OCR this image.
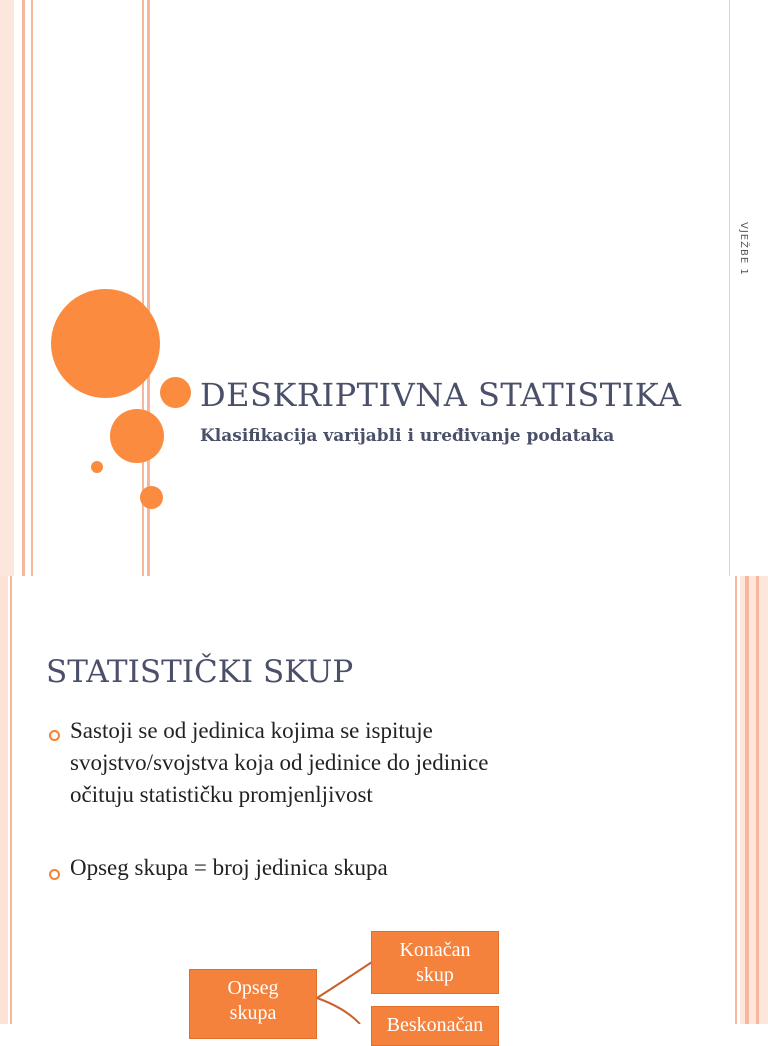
VJEŽBE 1
DESKRIPTIVNA STATISTIKA
Klasifikacija varijabli i uređivanje podataka
STATISTIČKI SKUP
Sastoji se od jedinica kojima se ispituje
svojstvo/svojstva koja od jedinice do jedinice
očituju statističku promjenljivost
Opseg skupa = broj jedinica skupa
Opseg
skupa
Konačan
skup
Beskonačan
